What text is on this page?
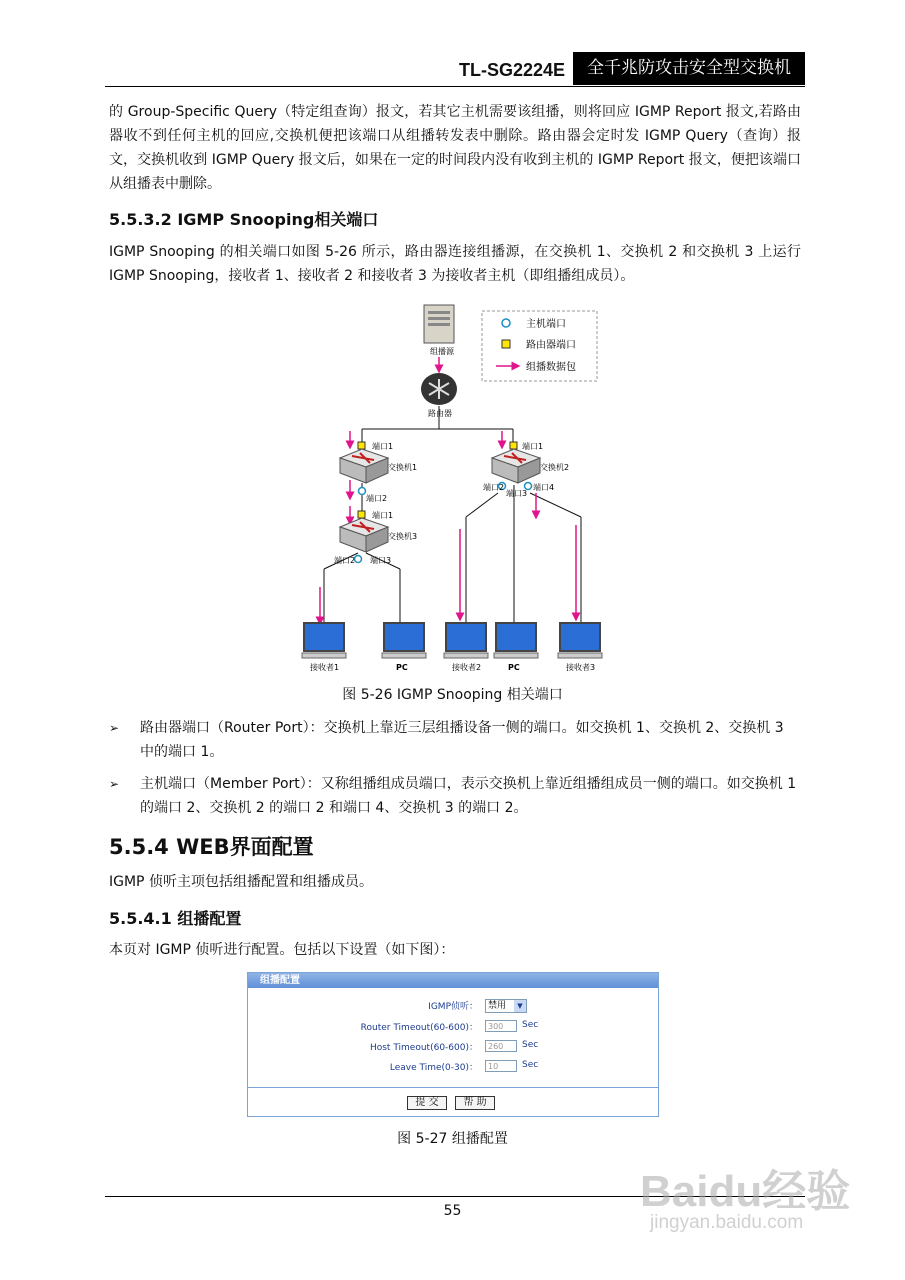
TL-SG2224E	全千兆防攻击安全型交换机

的 Group-Specific Query（特定组查询）报文，若其它主机需要该组播，则将回应 IGMP Report 报文,若路由器收不到任何主机的回应,交换机便把该端口从组播转发表中删除。路由器会定时发 IGMP Query（查询）报文，交换机收到 IGMP Query 报文后，如果在一定的时间段内没有收到主机的 IGMP Report 报文，便把该端口从组播表中删除。

5.5.3.2 IGMP Snooping相关端口

IGMP Snooping 的相关端口如图 5-26 所示，路由器连接组播源，在交换机 1、交换机 2 和交换机 3 上运行 IGMP Snooping，接收者 1、接收者 2 和接收者 3 为接收者主机（即组播组成员）。

主机端口
路由器端口
组播数据包
组播源
路由器
端口1
交换机1
端口2
端口1
交换机3
端口2 端口3
端口1
交换机2
端口2
端口3
端口4
接收者1	PC	接收者2	PC	接收者3
图 5-26 IGMP Snooping 相关端口
➢ 路由器端口（Router Port）：交换机上靠近三层组播设备一侧的端口。如交换机 1、交换机 2、交换机 3 中的端口 1。
➢ 主机端口（Member Port）：又称组播组成员端口，表示交换机上靠近组播组成员一侧的端口。如交换机 1 的端口 2、交换机 2 的端口 2 和端口 4、交换机 3 的端口 2。
5.5.4 WEB界面配置

IGMP 侦听主项包括组播配置和组播成员。

5.5.4.1 组播配置

本页对 IGMP 侦听进行配置。包括以下设置（如下图）：

组播配置
IGMP侦听：	禁用	▼
Router Timeout(60-600)：	300	Sec
Host Timeout(60-600)：	260	Sec
Leave Time(0-30)：	10	Sec
提 交	帮 助
图 5-27 组播配置
55	Baidu经验
jingyan.baidu.com
